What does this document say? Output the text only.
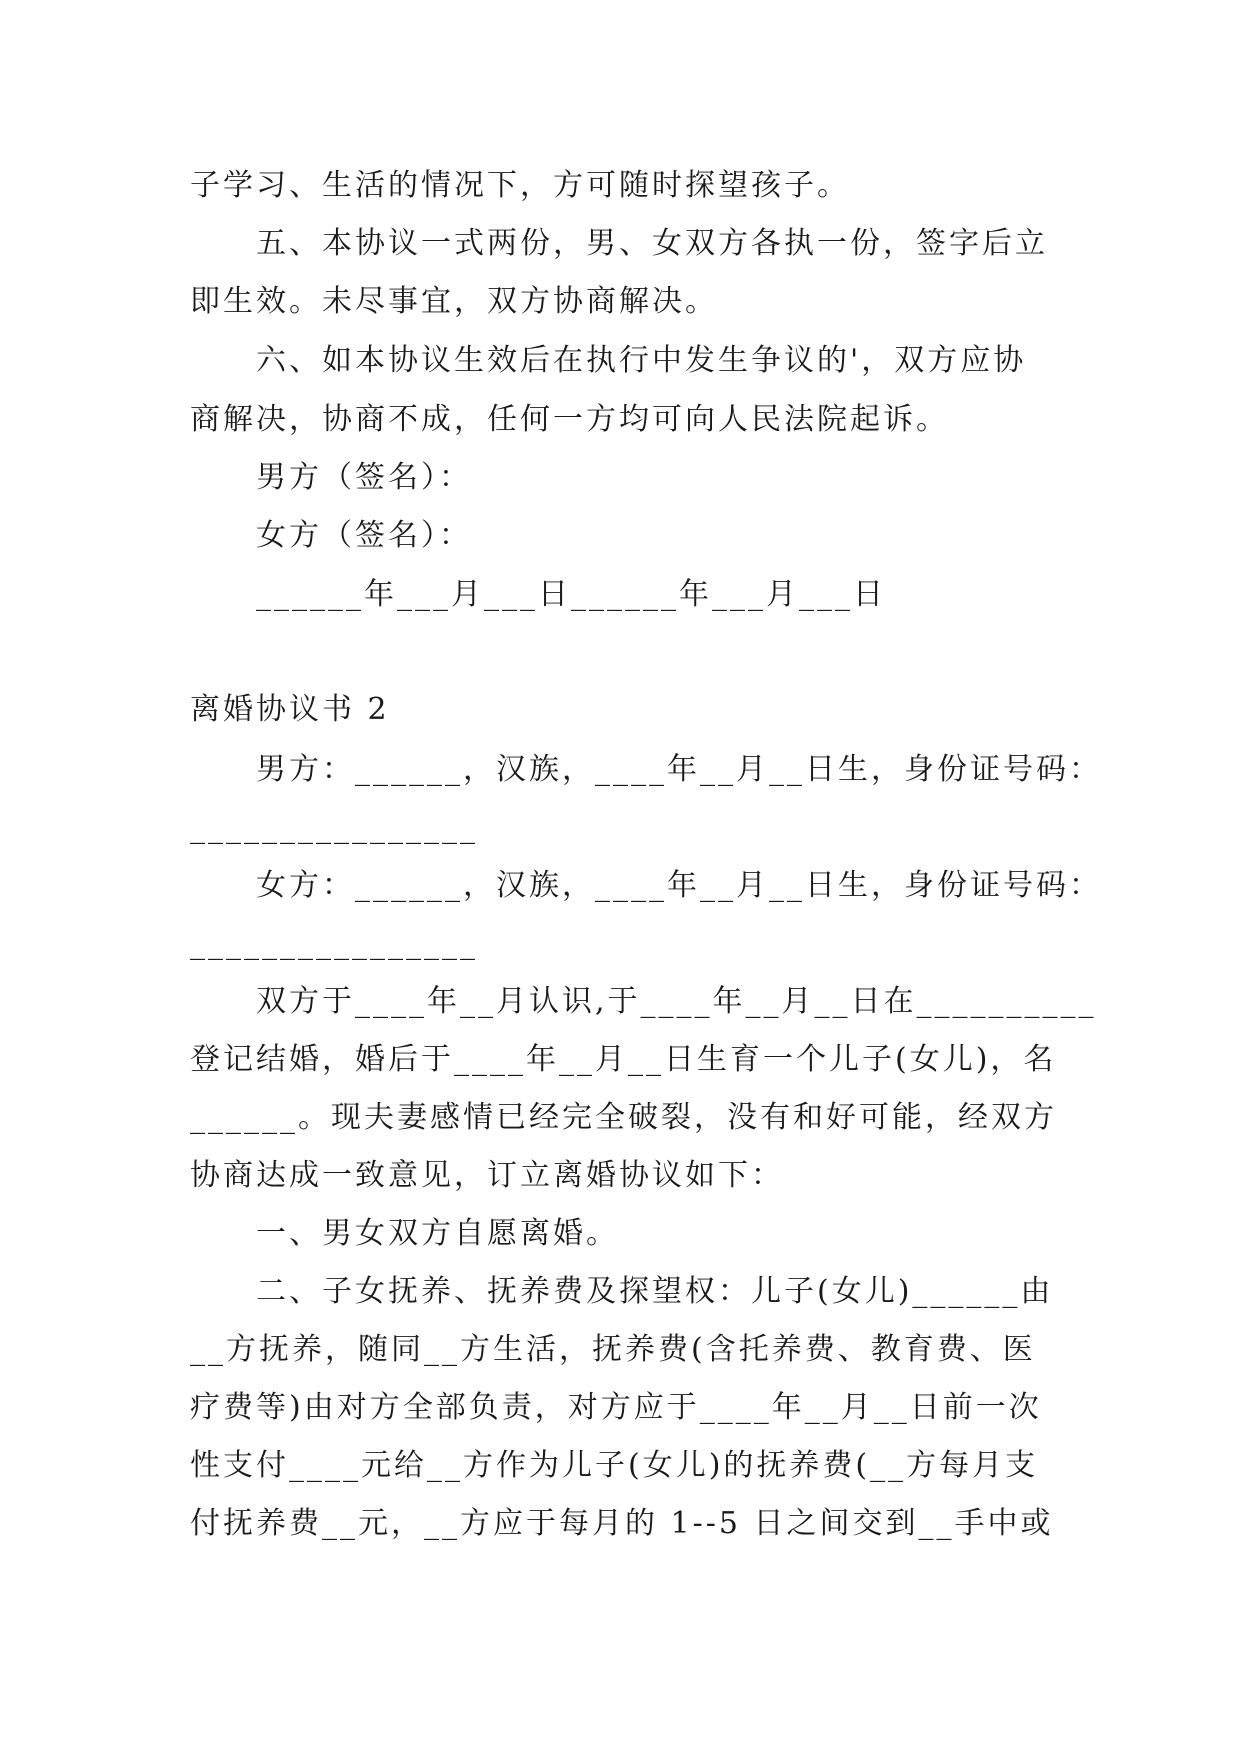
子学习、生活的情况下，方可随时探望孩子。
　　五、本协议一式两份，男、女双方各执一份，签字后立
即生效。未尽事宜，双方协商解决。
　　六、如本协议生效后在执行中发生争议的'，双方应协
商解决，协商不成，任何一方均可向人民法院起诉。
　　男方（签名）：
　　女方（签名）：
　　______年___月___日______年___月___日
离婚协议书 2
　　男方：______，汉族，____年__月__日生，身份证号码：
________________
　　女方：______，汉族，____年__月__日生，身份证号码：
________________
　　双方于____年__月认识,于____年__月__日在__________
登记结婚，婚后于____年__月__日生育一个儿子(女儿)，名
______。现夫妻感情已经完全破裂，没有和好可能，经双方
协商达成一致意见，订立离婚协议如下：
　　一、男女双方自愿离婚。
　　二、子女抚养、抚养费及探望权：儿子(女儿)______由
__方抚养，随同__方生活，抚养费(含托养费、教育费、医
疗费等)由对方全部负责，对方应于____年__月__日前一次
性支付____元给__方作为儿子(女儿)的抚养费(__方每月支
付抚养费__元，__方应于每月的 1--5 日之间交到__手中或
